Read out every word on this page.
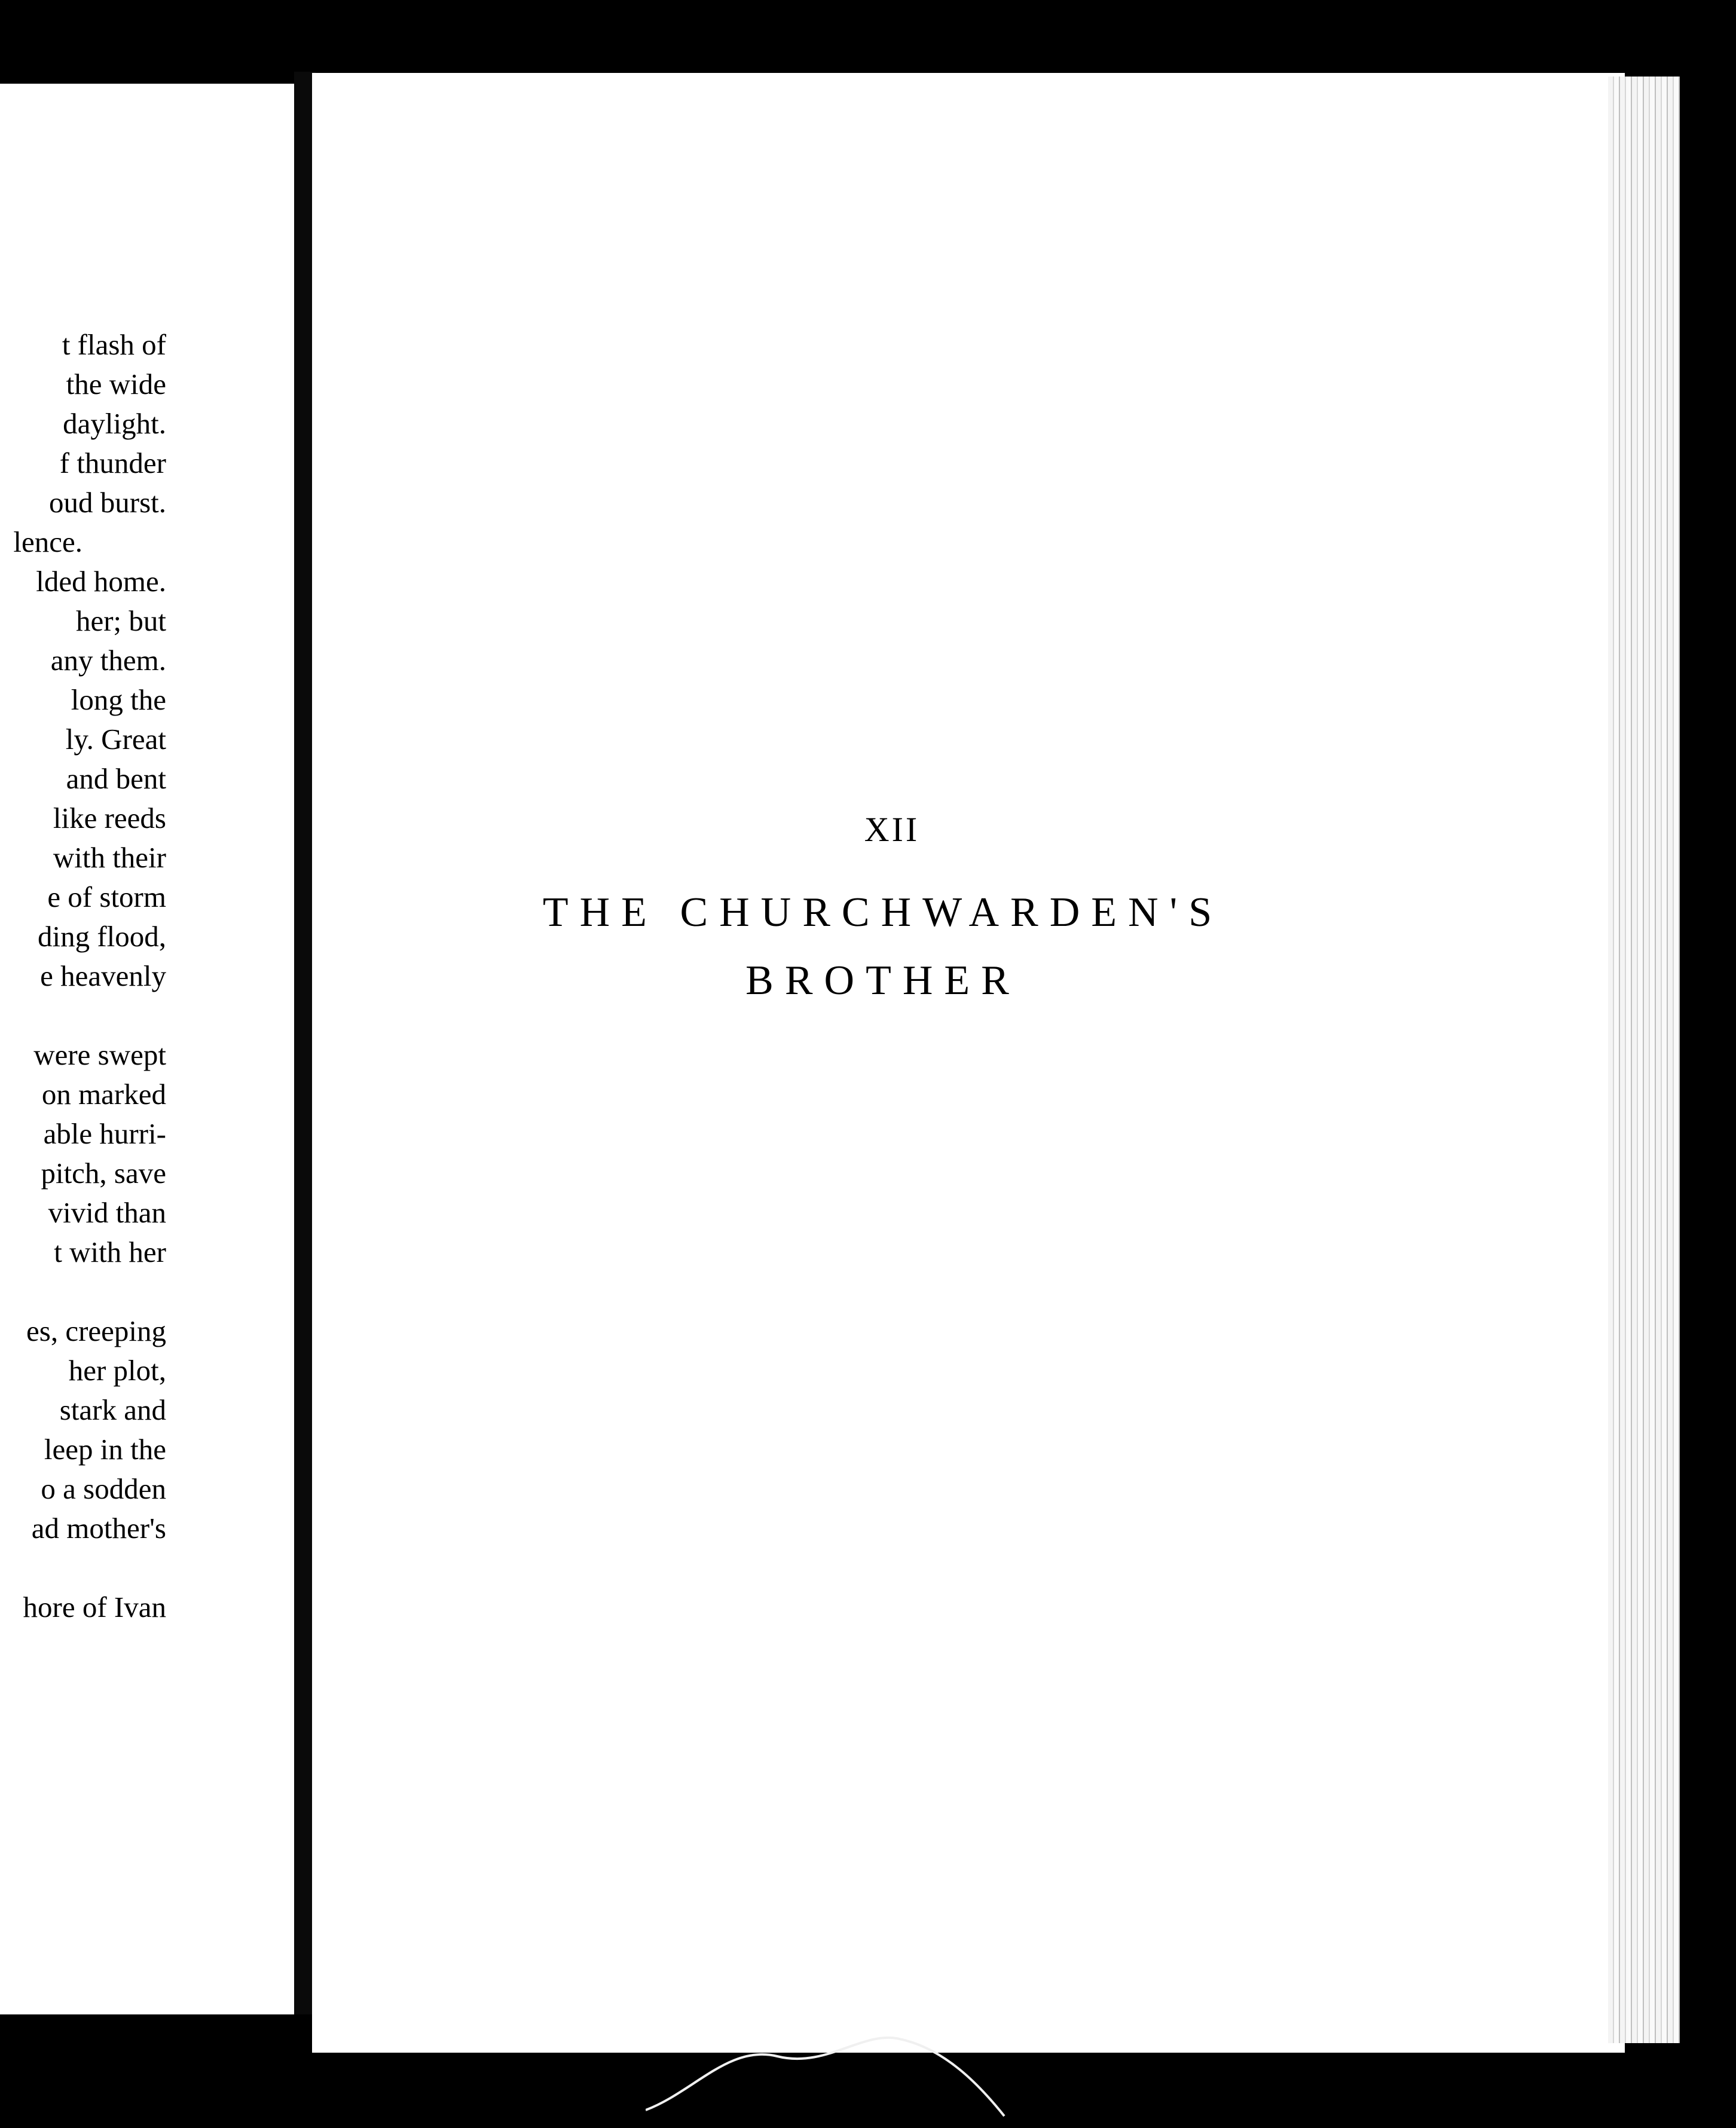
t flash of
the wide
daylight.
f thunder
oud burst.
lence.
lded home.
her; but
any them.
long the
ly. Great
and bent
like reeds
with their
e of storm
ding flood,
e heavenly
were swept
on marked
able hurri-
pitch, save
vivid than
t with her
es, creeping
her plot,
stark and
leep in the
o a sodden
ad mother's
hore of Ivan
XII
THE CHURCHWARDEN'S
BROTHER
